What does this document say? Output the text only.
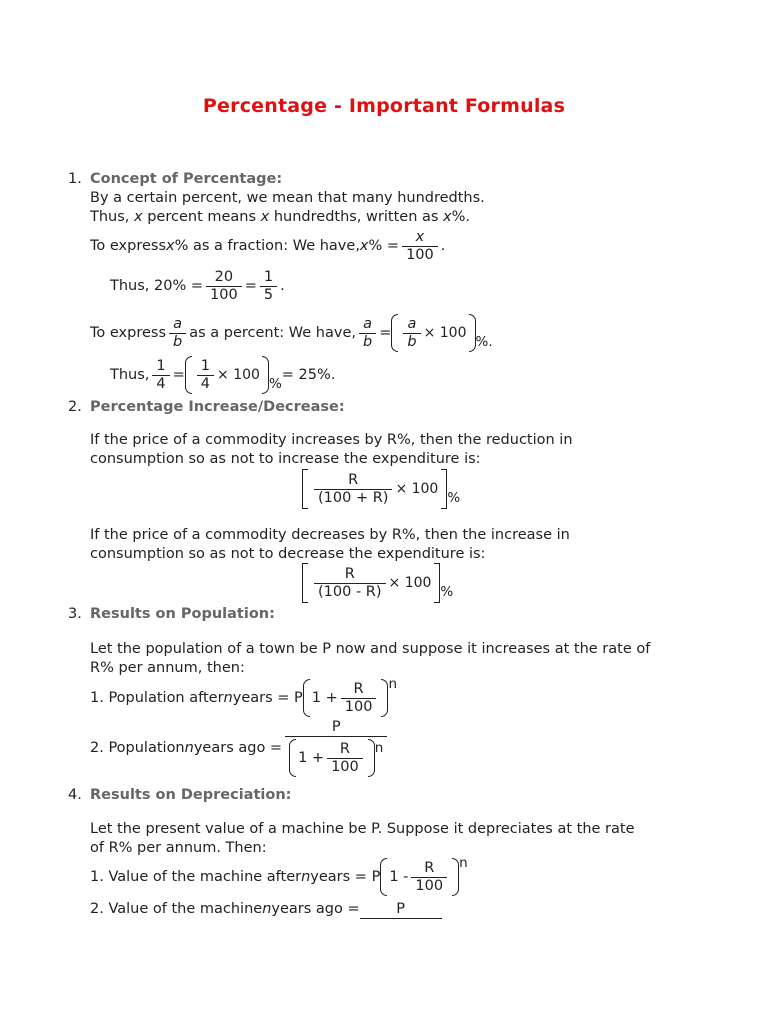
Percentage - Important Formulas
1. Concept of Percentage:
By a certain percent, we mean that many hundredths.
Thus, x percent means x hundredths, written as x%.
To express x % as a fraction: We have, x % = $\frac{x}{100}$ .
Thus, $20\% = \frac{20}{100} = \frac{1}{5}$ .
To express $\frac{a}{b}$ as a percent: We have, $\frac{a}{b} = \frac{a}{b} \times 100$
%.
Thus, $\frac{1}{4} = \frac{1}{4} \times 100$
%
= 25%.
2. Percentage Increase/Decrease:
If the price of a commodity increases by R%, then the reduction in
consumption so as not to increase the expenditure is:
$\frac{R}{(100 + R)} \times 100$
%
If the price of a commodity decreases by R%, then the increase in
consumption so as not to decrease the expenditure is:
$\frac{R}{(100 - R)} \times 100$
%
3. Results on Population:
Let the population of a town be P now and suppose it increases at the rate of
R% per annum, then:
1. Population after n years = P $1 + \frac{R}{100}$ n
2. Population n years ago = $\frac{P}{1 + \frac{R}{100} n}$
4. Results on Depreciation:
Let the present value of a machine be P. Suppose it depreciates at the rate
of R% per annum. Then:
1. Value of the machine after n years = P $1 - \frac{R}{100}$ n
2. Value of the machine n years ago =	P
